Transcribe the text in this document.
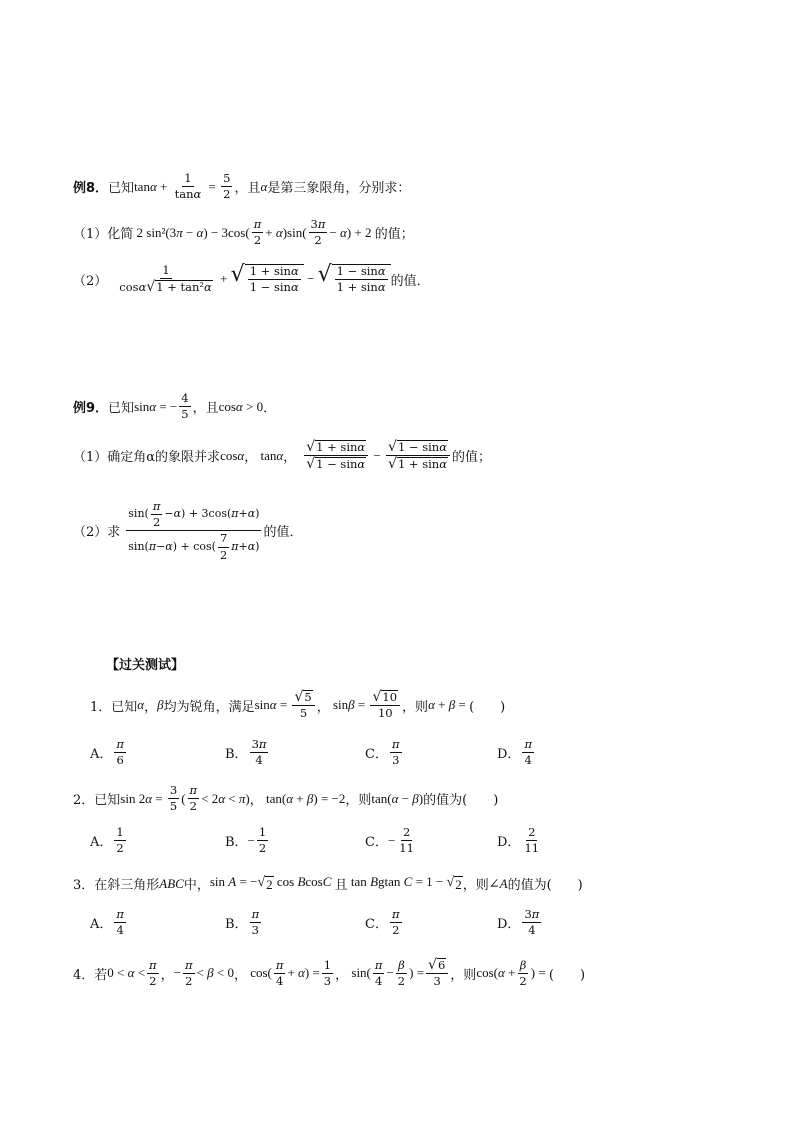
例8． 已知 $\tan\alpha + \frac{1}{\tan\alpha} = \frac{5}{2}$ ，且 α 是第三象限角，分别求：
（1）化简 2 $\sin^2(3\pi - \alpha) - 3\cos( \frac{\pi}{2} + \alpha)\sin( \frac{3\pi}{2} - \alpha) + 2$ 的值；
$(2) \frac{1}{\text{cosα √ 1 + tan²α}}$ + √ $\frac{1 + \sin\alpha}{1 - \sin\alpha}$ − √ $\frac{1 - \sin\alpha}{1 + \sin\alpha}$ 的值．
例9． 已知 sinα = − $\frac{4}{5}$ ，且 cosα > 0 ．
（1）确定角α的象限并求 cosα ， tanα ， $\frac{√ 1 + \sin\alpha}{√ 1 - \sin\alpha} - \frac{√ 1 - \sin\alpha}{√ 1 + \sin\alpha}$ 的值；
（2）求 $\frac{\sin( \frac{\pi}{2} - \alpha ) + 3\cos( \pi + \alpha )}{\sin( \pi - \alpha ) + \cos( \frac{7}{2} \pi + \alpha )}$ 的值．
【过关测试】
1．已知 α ， β 均为锐角，满足 $\sin\alpha = \frac{√ 5}{5}$ ， $\sin\beta = \frac{√ 10}{10}$ ，则 α + β = (　　)
A． $\frac{\pi}{6}$	B． $\frac{3\pi}{4}$	C． $\frac{\pi}{3}$	D． $\frac{\pi}{4}$
2．已知 $\sin 2\alpha = \frac{3}{5}$ ( $\frac{\pi}{2} < 2\alpha < \pi$) ， tan(α + β) = −2 ，则 tan(α − β) 的值为 (　　)
A． $\frac{1}{2}$	B． − $\frac{1}{2}$	C． − $\frac{2}{11}$	D． $\frac{2}{11}$
3．在斜三角形 ABC 中， sin A = − √ 2 cos BcosC 且 tan Bgtan C = 1 − √ 2 ，则 ∠A 的值为 (　　)
A． $\frac{\pi}{4}$	B． $\frac{\pi}{3}$	C． $\frac{\pi}{2}$	D． $\frac{3\pi}{4}$
4．若 $0 < \alpha < \frac{\pi}{2}$ ， − $\frac{\pi}{2} < \beta < 0$ ， $\cos( \frac{\pi}{4} + \alpha) = \frac{1}{3}$ ， $\sin( \frac{\pi}{4} - \frac{\beta}{2}$ ) = $\frac{√ 6}{3}$ ，则 $\cos(\alpha + \frac{\beta}{2}$ ) = (　　)
